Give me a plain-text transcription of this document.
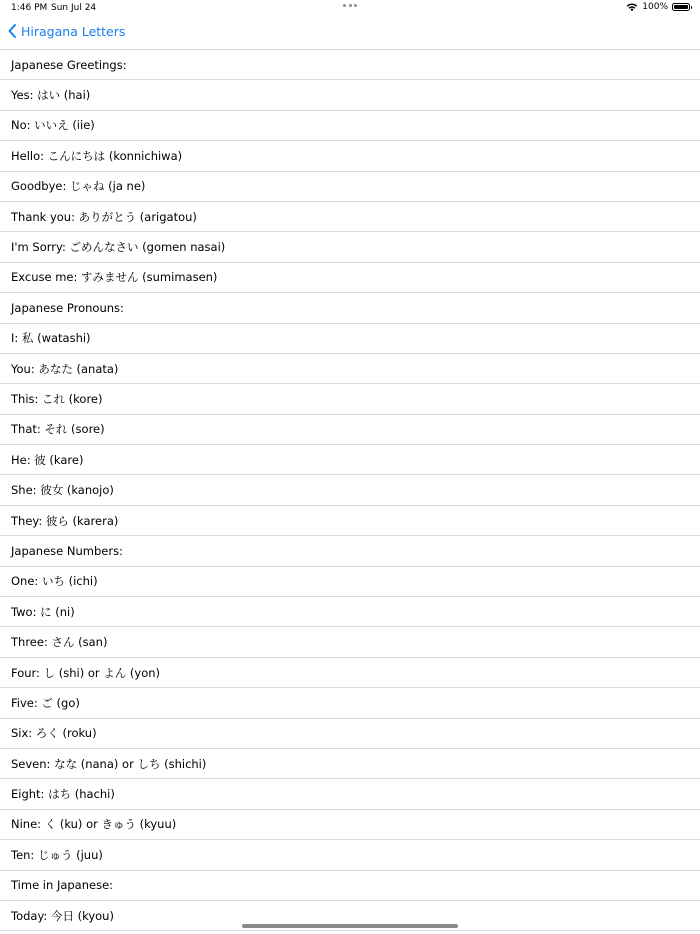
1:46 PM Sun Jul 24	100%
Hiragana Letters
Japanese Greetings:
Yes: はい (hai)
No: いいえ (iie)
Hello: こんにちは (konnichiwa)
Goodbye: じゃね (ja ne)
Thank you: ありがとう (arigatou)
I'm Sorry: ごめんなさい (gomen nasai)
Excuse me: すみません (sumimasen)
Japanese Pronouns:
I: 私 (watashi)
You: あなた (anata)
This: これ (kore)
That: それ (sore)
He: 彼 (kare)
She: 彼女 (kanojo)
They: 彼ら (karera)
Japanese Numbers:
One: いち (ichi)
Two: に (ni)
Three: さん (san)
Four: し (shi) or よん (yon)
Five: ご (go)
Six: ろく (roku)
Seven: なな (nana) or しち (shichi)
Eight: はち (hachi)
Nine: く (ku) or きゅう (kyuu)
Ten: じゅう (juu)
Time in Japanese:
Today: 今日 (kyou)
